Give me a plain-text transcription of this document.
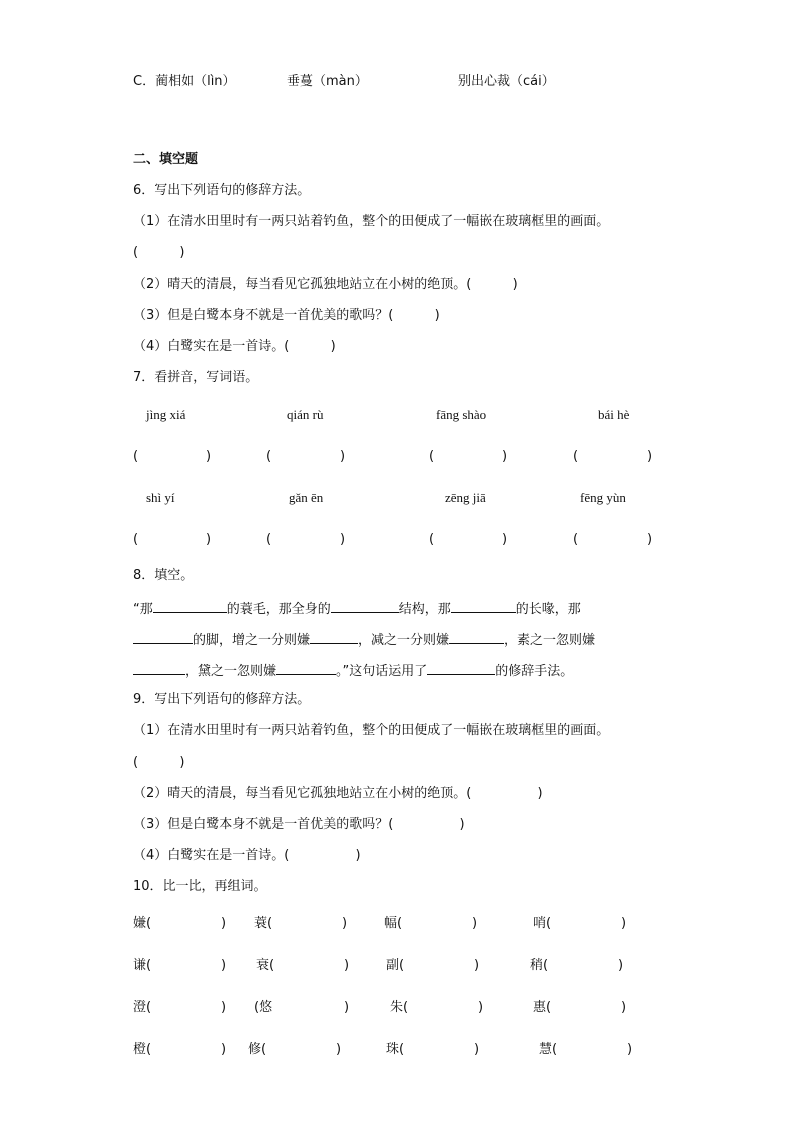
C．蔺相如（lìn）	垂蔓（màn）	别出心裁（cái）
二、填空题
6．写出下列语句的修辞方法。
（1）在清水田里时有一两只站着钓鱼，整个的田便成了一幅嵌在玻璃框里的画面。
(          )
（2）晴天的清晨，每当看见它孤独地站立在小树的绝顶。(          )
（3）但是白鹭本身不就是一首优美的歌吗？(          )
（4）白鹭实在是一首诗。(          )
7．看拼音，写词语。
jìng xiá	qián rù	fāng shào	bái hè
(	)	(	)	(	)	(	)
shì yí	gǎn ēn	zēng jiā	fēng yùn
(	)	(	)	(	)	(	)
8．填空。
“那	的蓑毛，那全身的	结构，那	的长喙，那
的脚，增之一分则嫌	，减之一分则嫌	，素之一忽则嫌
，黛之一忽则嫌	。”这句话运用了	的修辞手法。
9．写出下列语句的修辞方法。
（1）在清水田里时有一两只站着钓鱼，整个的田便成了一幅嵌在玻璃框里的画面。
(          )
（2）晴天的清晨，每当看见它孤独地站立在小树的绝顶。(                )
（3）但是白鹭本身不就是一首优美的歌吗？(                )
（4）白鹭实在是一首诗。(                )
10．比一比，再组词。
嫌(	) 蓑(	)	幅(	)	哨(	)
谦(	) 衰(	)	副(	)	稍(	)
澄(	) (悠	)	朱(	)	惠(	)
橙(	) 修(	)	珠(	)	慧(	)
